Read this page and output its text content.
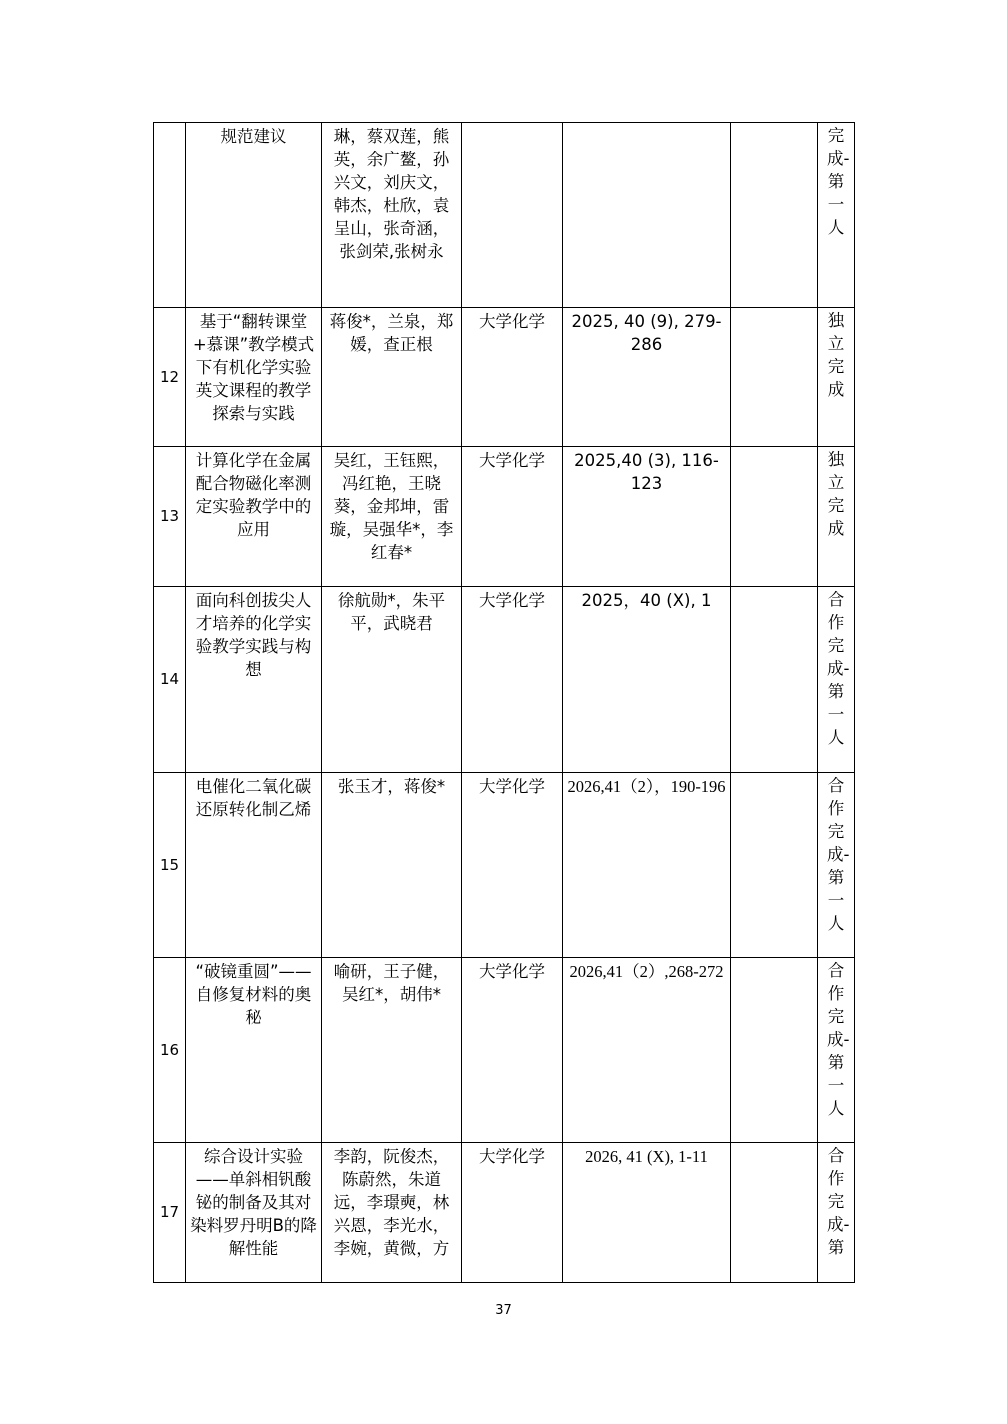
	规范建议	琳，蔡双莲，熊英，余广鳌，孙兴文，刘庆文，韩杰，杜欣，袁呈山，张奇涵，张剑荣,张树永				完成-第一人

12	基于“翻转课堂+慕课”教学模式下有机化学实验英文课程的教学探索与实践	蒋俊*，兰泉，郑媛，查正根	大学化学	2025, 40 (9), 279-286		独立完成

13	计算化学在金属配合物磁化率测定实验教学中的应用	吴红，王钰熙，冯红艳，王晓葵，金邦坤，雷璇，吴强华*，李红春*	大学化学	2025,40 (3), 116-123		独立完成

14	面向科创拔尖人才培养的化学实验教学实践与构想	徐航勋*，朱平平，武晓君	大学化学	2025，40 (X), 1		合作完成-第一人

15	电催化二氧化碳还原转化制乙烯	张玉才，蒋俊*	大学化学	2026,41（2），190-196		合作完成-第一人

16	“破镜重圆”——自修复材料的奥秘	喻研，王子健，吴红*，胡伟*	大学化学	2026,41（2）,268-272		合作完成-第一人

17	综合设计实验——单斜相钒酸铋的制备及其对染料罗丹明B的降解性能	李韵，阮俊杰，陈蔚然，朱道远，李璟奭，林兴恩，李光水，李婉，黄微，方	大学化学	2026, 41 (X), 1-11		合作完成-第
37
